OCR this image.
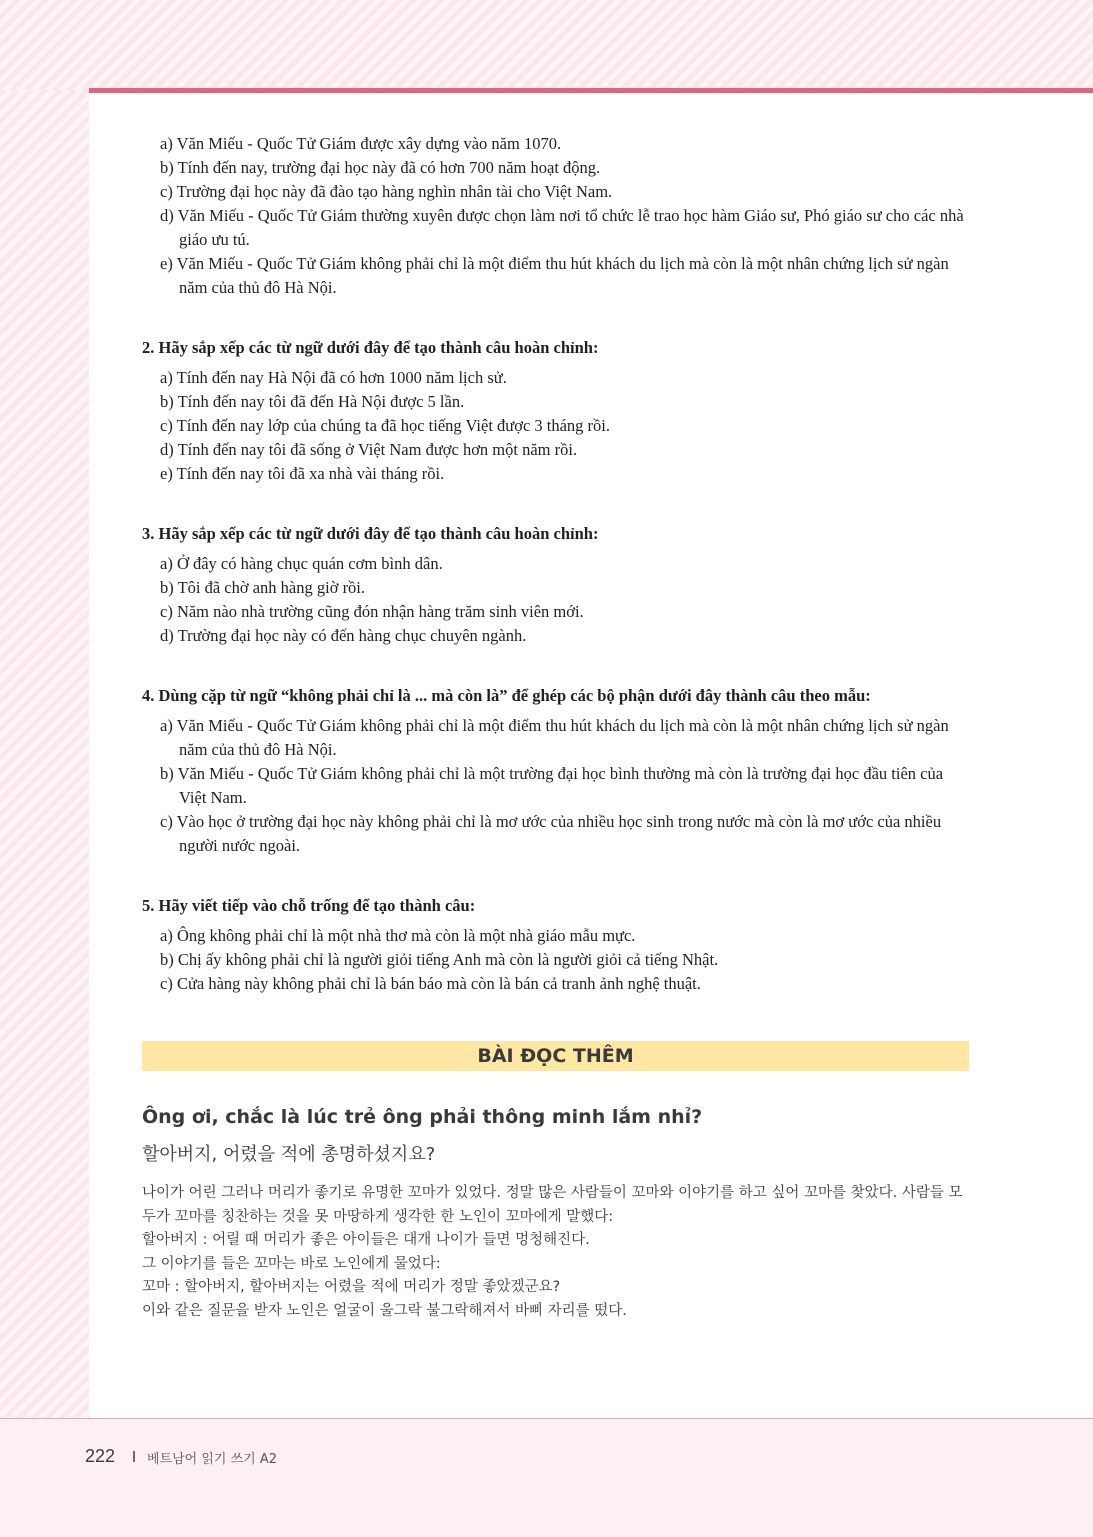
a) Văn Miếu - Quốc Tử Giám được xây dựng vào năm 1070.
b) Tính đến nay, trường đại học này đã có hơn 700 năm hoạt động.
c) Trường đại học này đã đào tạo hàng nghìn nhân tài cho Việt Nam.
d) Văn Miếu - Quốc Tử Giám thường xuyên được chọn làm nơi tổ chức lễ trao học hàm Giáo sư, Phó giáo sư cho các nhà giáo ưu tú.
e) Văn Miếu - Quốc Tử Giám không phải chỉ là một điểm thu hút khách du lịch mà còn là một nhân chứng lịch sử ngàn năm của thủ đô Hà Nội.

2. Hãy sắp xếp các từ ngữ dưới đây để tạo thành câu hoàn chỉnh:

a) Tính đến nay Hà Nội đã có hơn 1000 năm lịch sử.
b) Tính đến nay tôi đã đến Hà Nội được 5 lần.
c) Tính đến nay lớp của chúng ta đã học tiếng Việt được 3 tháng rồi.
d) Tính đến nay tôi đã sống ở Việt Nam được hơn một năm rồi.
e) Tính đến nay tôi đã xa nhà vài tháng rồi.

3. Hãy sắp xếp các từ ngữ dưới đây để tạo thành câu hoàn chỉnh:

a) Ở đây có hàng chục quán cơm bình dân.
b) Tôi đã chờ anh hàng giờ rồi.
c) Năm nào nhà trường cũng đón nhận hàng trăm sinh viên mới.
d) Trường đại học này có đến hàng chục chuyên ngành.

4. Dùng cặp từ ngữ “không phải chỉ là ... mà còn là” để ghép các bộ phận dưới đây thành câu theo mẫu:

a) Văn Miếu - Quốc Tử Giám không phải chỉ là một điểm thu hút khách du lịch mà còn là một nhân chứng lịch sử ngàn năm của thủ đô Hà Nội.
b) Văn Miếu - Quốc Tử Giám không phải chỉ là một trường đại học bình thường mà còn là trường đại học đầu tiên của Việt Nam.
c) Vào học ở trường đại học này không phải chỉ là mơ ước của nhiều học sinh trong nước mà còn là mơ ước của nhiều người nước ngoài.

5. Hãy viết tiếp vào chỗ trống để tạo thành câu:

a) Ông không phải chỉ là một nhà thơ mà còn là một nhà giáo mẫu mực.
b) Chị ấy không phải chỉ là người giỏi tiếng Anh mà còn là người giỏi cả tiếng Nhật.
c) Cửa hàng này không phải chỉ là bán báo mà còn là bán cả tranh ảnh nghệ thuật.
BÀI ĐỌC THÊM
Ông ơi, chắc là lúc trẻ ông phải thông minh lắm nhỉ?
할아버지, 어렸을 적에 총명하셨지요?

나이가 어린 그러나 머리가 좋기로 유명한 꼬마가 있었다. 정말 많은 사람들이 꼬마와 이야기를 하고 싶어 꼬마를 찾았다. 사람들 모두가 꼬마를 칭찬하는 것을 못 마땅하게 생각한 한 노인이 꼬마에게 말했다:

할아버지 : 어릴 때 머리가 좋은 아이들은 대개 나이가 들면 멍청해진다.

그 이야기를 들은 꼬마는 바로 노인에게 물었다:

꼬마 : 할아버지, 할아버지는 어렸을 적에 머리가 정말 좋았겠군요?

이와 같은 질문을 받자 노인은 얼굴이 울그락 불그락해져서 바삐 자리를 떴다.

222 베트남어 읽기 쓰기 A2
